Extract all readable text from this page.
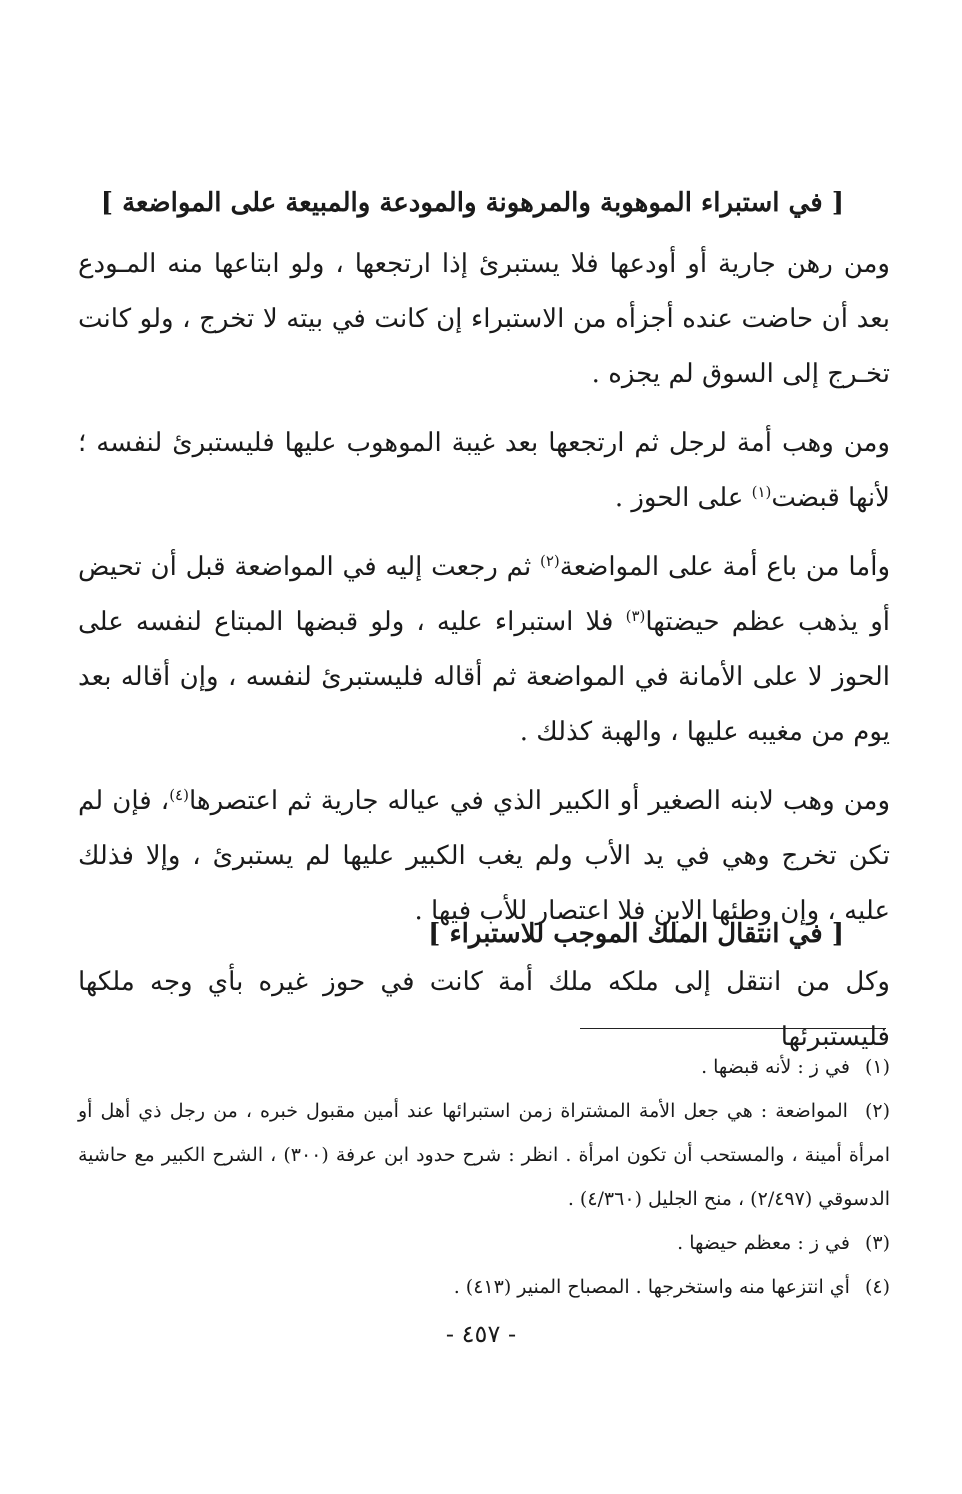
[ في استبراء الموهوبة والمرهونة والمودعة والمبيعة على المواضعة ]

ومن رهن جارية أو أودعها فلا يستبرئ إذا ارتجعها ، ولو ابتاعها منه المـودع بعد أن حاضت عنده أجزأه من الاستبراء إن كانت في بيته لا تخرج ، ولو كانت تخـرج إلى السوق لم يجزه .

ومن وهب أمة لرجل ثم ارتجعها بعد غيبة الموهوب عليها فليستبرئ لنفسه ؛ لأنها قبضت$^{(١)}$ على الحوز .

وأما من باع أمة على المواضعة$^{(٢)}$ ثم رجعت إليه في المواضعة قبل أن تحيض أو يذهب عظم حيضتها$^{(٣)}$ فلا استبراء عليه ، ولو قبضها المبتاع لنفسه على الحوز لا على الأمانة في المواضعة ثم أقاله فليستبرئ لنفسه ، وإن أقاله بعد يوم من مغيبه عليها ، والهبة كذلك .

ومن وهب لابنه الصغير أو الكبير الذي في عياله جارية ثم اعتصرها$^{(٤)}$، فإن لم تكن تخرج وهي في يد الأب ولم يغب الكبير عليها لم يستبرئ ، وإلا فذلك عليه ، وإن وطئها الابن فلا اعتصار للأب فيها .

[ في انتقال الملك الموجب للاستبراء ]

وكل من انتقل إلى ملكه ملك أمة كانت في حوز غيره بأي وجه ملكها فليستبرئها

(١) في ز : لأنه قبضها .

(٢) المواضعة : هي جعل الأمة المشتراة زمن استبرائها عند أمين مقبول خبره ، من رجل ذي أهل أو امرأة أمينة ، والمستحب أن تكون امرأة . انظر : شرح حدود ابن عرفة (٣٠٠) ، الشرح الكبير مع حاشية الدسوقي (٢/٤٩٧) ، منح الجليل (٤/٣٦٠) .

(٣) في ز : معظم حيضها .

(٤) أي انتزعها منه واستخرجها . المصباح المنير (٤١٣) .

- ٤٥٧ -
